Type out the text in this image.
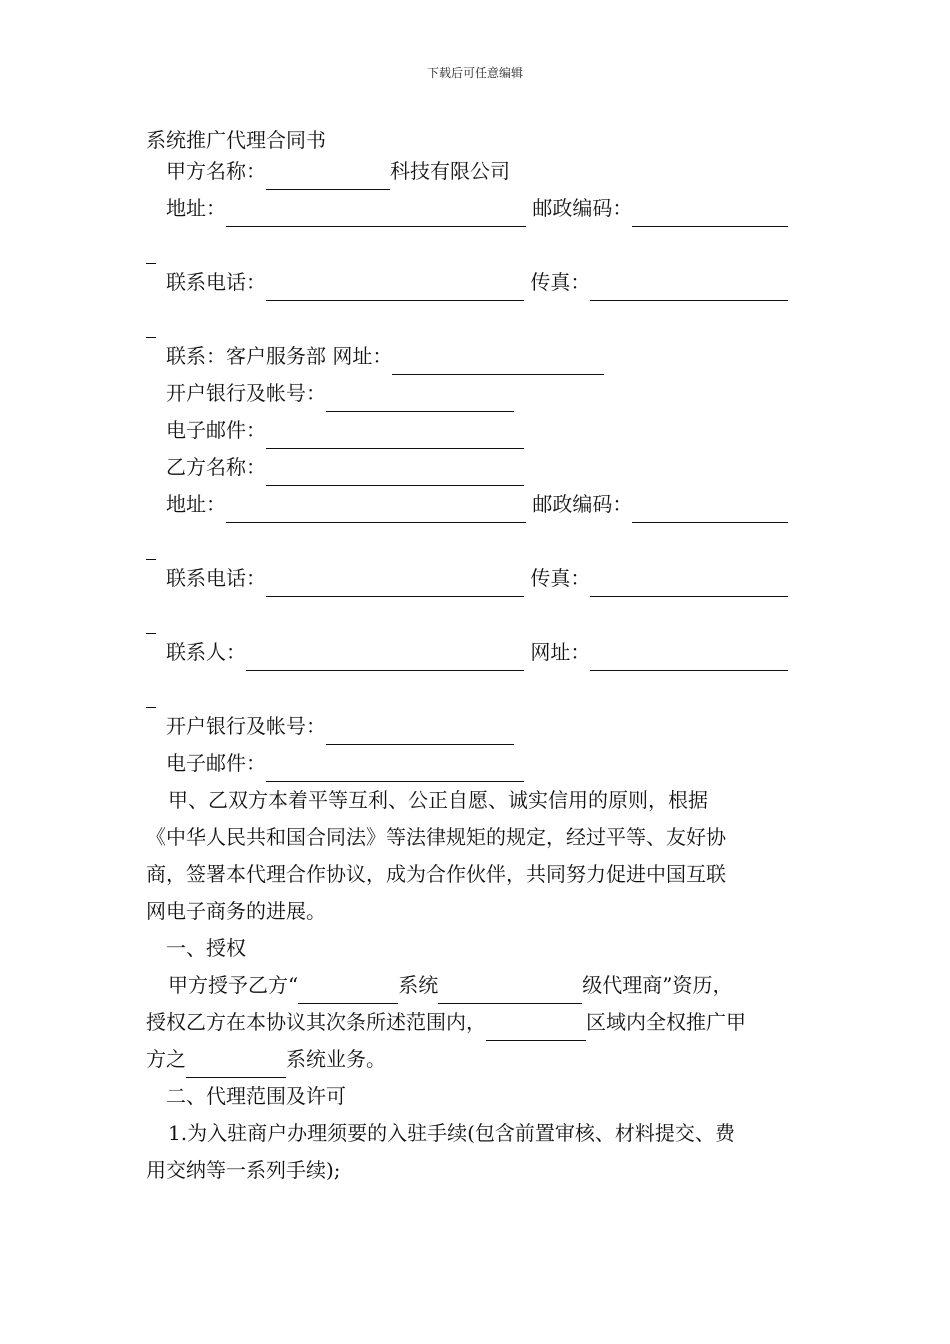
下载后可任意编辑
系统推广代理合同书
甲方名称：	科技有限公司
地址：	邮政编码：
联系电话：	传真：
联系：客户服务部 网址：
开户银行及帐号：
电子邮件：
乙方名称：
地址：	邮政编码：
联系电话：	传真：
联系人：	网址：
开户银行及帐号：
电子邮件：
甲、乙双方本着平等互利、公正自愿、诚实信用的原则，根据
《中华人民共和国合同法》等法律规矩的规定，经过平等、友好协
商，签署本代理合作协议，成为合作伙伴，共同努力促进中国互联
网电子商务的进展。
一、授权
甲方授予乙方“	系统	级代理商”资历，
授权乙方在本协议其次条所述范围内，	区域内全权推广甲
方之	系统业务。
二、代理范围及许可
1.为入驻商户办理须要的入驻手续(包含前置审核、材料提交、费
用交纳等一系列手续);
